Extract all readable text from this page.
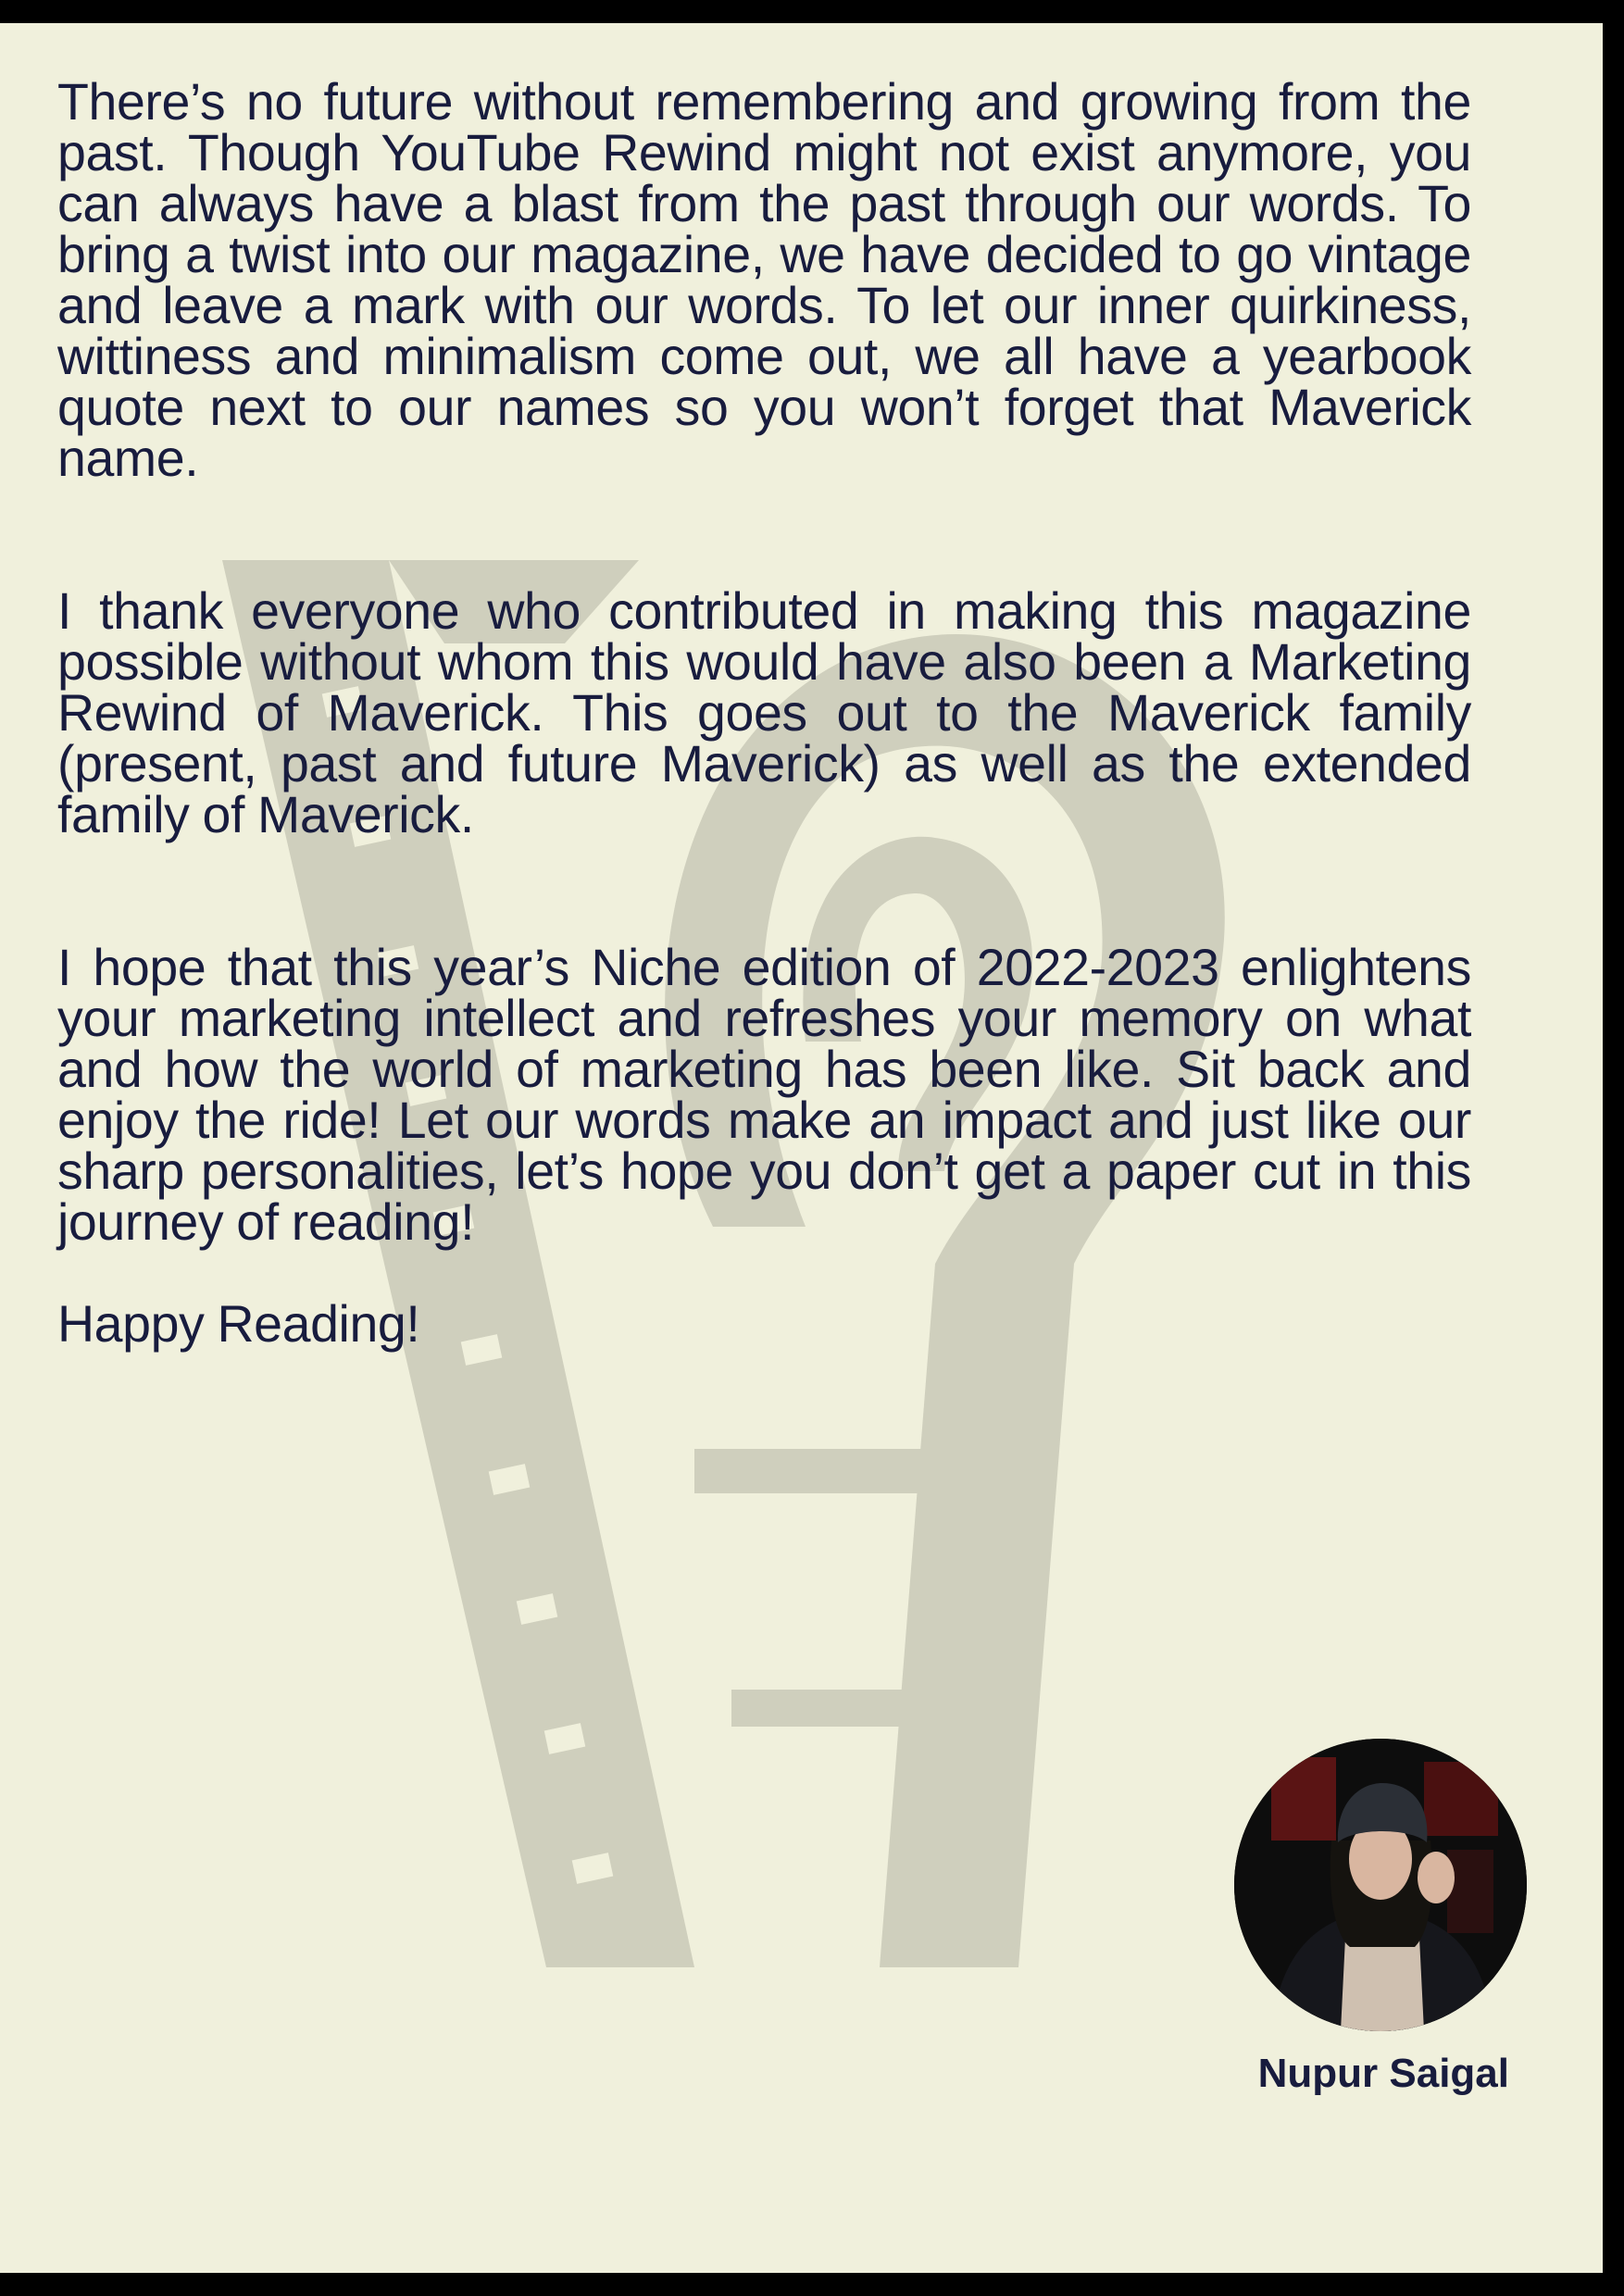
There’s no future without remembering and growing from the past. Though YouTube Rewind might not exist anymore, you can always have a blast from the past through our words. To bring a twist into our magazine, we have decided to go vintage and leave a mark with our words. To let our inner quirkiness, wittiness and minimalism come out, we all have a yearbook quote next to our names so you won’t forget that Maverick name.

I thank everyone who contributed in making this magazine possible without whom this would have also been a Marketing Rewind of Maverick. This goes out to the Maverick family (present, past and future Maverick) as well as the extended family of Maverick.

I hope that this year’s Niche edition of 2022-2023 enlightens your marketing intellect and refreshes your memory on what and how the world of marketing has been like. Sit back and enjoy the ride! Let our words make an impact and just like our sharp personalities, let’s hope you don’t get a paper cut in this journey of reading!

Happy Reading!

Nupur Saigal
